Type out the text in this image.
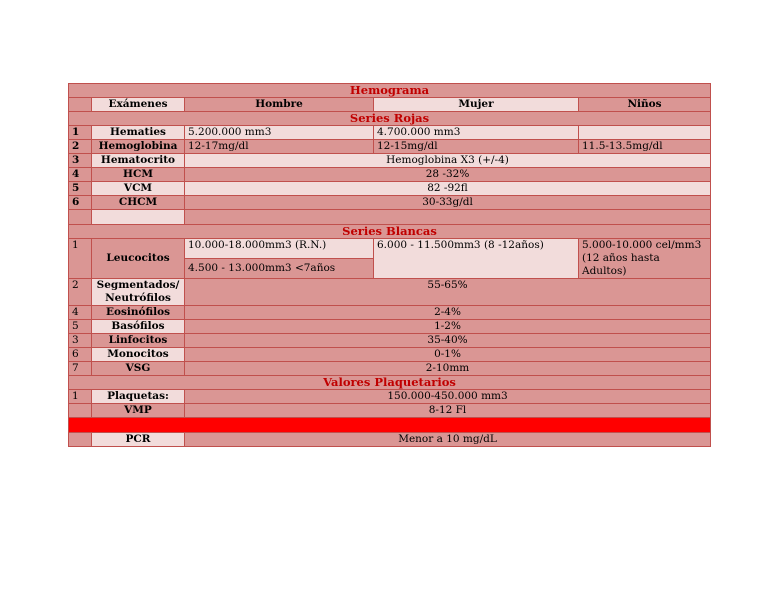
Hemograma				
	Exámenes	Hombre	Mujer	Niños
Series Rojas				
1	Hematies	5.200.000 mm3	4.700.000 mm3	
2	Hemoglobina	12-17mg/dl	12-15mg/dl	11.5-13.5mg/dl
3	Hematocrito	Hemoglobina X3 (+/-4)		
4	HCM	28 -32%		
5	VCM	82 -92fl		
6	CHCM	30-33g/dl		

Series Blancas				
1	Leucocitos	10.000-18.000mm3 (R.N.)	6.000 - 11.500mm3 (8 -12años)	5.000-10.000 cel/mm3 (12 años hasta Adultos)
		4.500 - 13.000mm3 <7años		
2	Segmentados/ Neutrófilos	55-65%		
4	Eosinófilos	2-4%		
5	Basófilos	1-2%		
3	Linfocitos	35-40%		
6	Monocitos	0-1%		
7	VSG	2-10mm		
Valores Plaquetarios				
1	Plaquetas:	150.000-450.000 mm3		
	VMP	8-12 Fl		

	PCR	Menor a 10 mg/dL		
